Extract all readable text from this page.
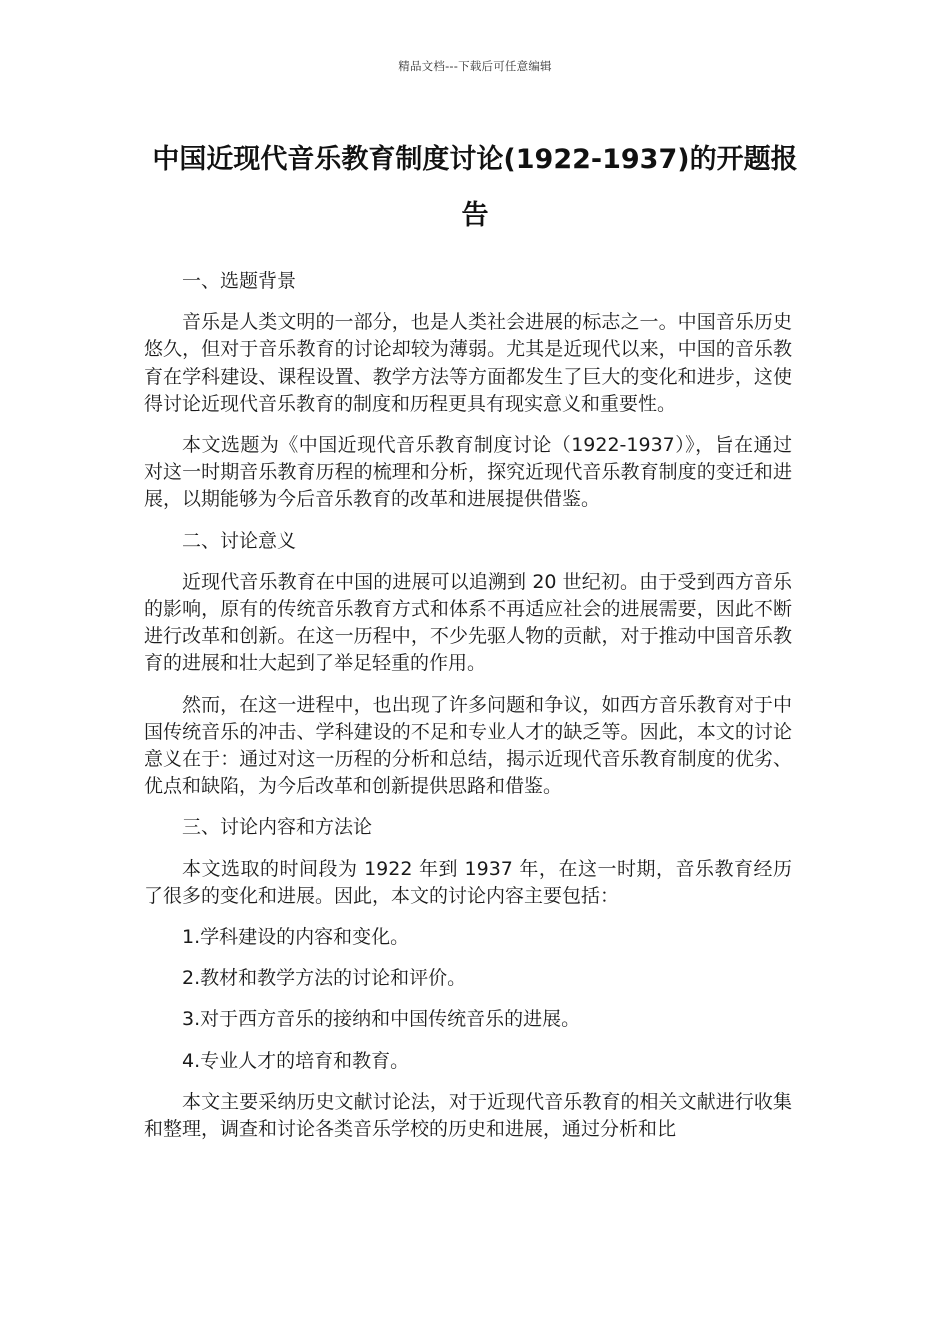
精品文档---下载后可任意编辑
中国近现代音乐教育制度讨论(1922-1937)的开题报告
一、选题背景
音乐是人类文明的一部分，也是人类社会进展的标志之一。中国音乐历史悠久，但对于音乐教育的讨论却较为薄弱。尤其是近现代以来，中国的音乐教育在学科建设、课程设置、教学方法等方面都发生了巨大的变化和进步，这使得讨论近现代音乐教育的制度和历程更具有现实意义和重要性。
本文选题为《中国近现代音乐教育制度讨论（1922-1937）》，旨在通过对这一时期音乐教育历程的梳理和分析，探究近现代音乐教育制度的变迁和进展，以期能够为今后音乐教育的改革和进展提供借鉴。
二、讨论意义
近现代音乐教育在中国的进展可以追溯到 20 世纪初。由于受到西方音乐的影响，原有的传统音乐教育方式和体系不再适应社会的进展需要，因此不断进行改革和创新。在这一历程中，不少先驱人物的贡献，对于推动中国音乐教育的进展和壮大起到了举足轻重的作用。
然而，在这一进程中，也出现了许多问题和争议，如西方音乐教育对于中国传统音乐的冲击、学科建设的不足和专业人才的缺乏等。因此，本文的讨论意义在于：通过对这一历程的分析和总结，揭示近现代音乐教育制度的优劣、优点和缺陷，为今后改革和创新提供思路和借鉴。
三、讨论内容和方法论
本文选取的时间段为 1922 年到 1937 年，在这一时期，音乐教育经历了很多的变化和进展。因此，本文的讨论内容主要包括：
1.学科建设的内容和变化。
2.教材和教学方法的讨论和评价。
3.对于西方音乐的接纳和中国传统音乐的进展。
4.专业人才的培育和教育。
本文主要采纳历史文献讨论法，对于近现代音乐教育的相关文献进行收集和整理，调查和讨论各类音乐学校的历史和进展，通过分析和比
